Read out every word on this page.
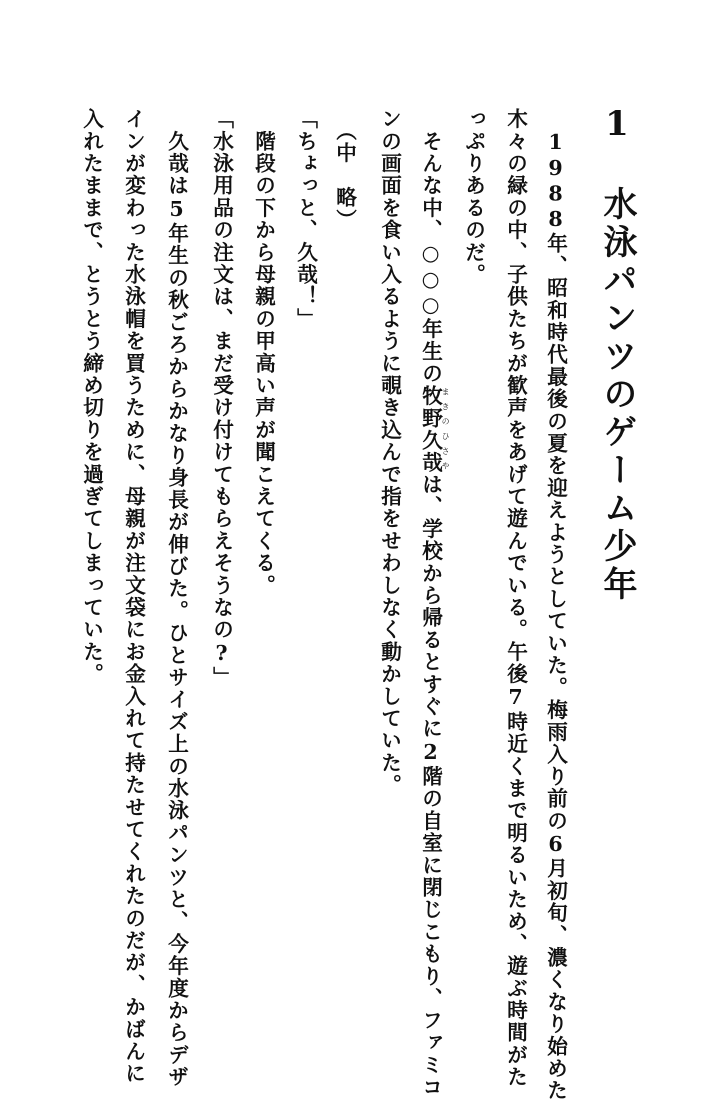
1　水泳パンツのゲーム少年
　1988年、昭和時代最後の夏を迎えようとしていた。梅雨入り前の6月初旬、濃くなり始めた
木々の緑の中、子供たちが歓声をあげて遊んでいる。午後7時近くまで明るいため、遊ぶ時間がた
っぷりあるのだ。
　そんな中、○○○年生の牧野久哉まきのひさやは、学校から帰るとすぐに2階の自室に閉じこもり、ファミコ
ンの画面を食い入るように覗き込んで指をせわしなく動かしていた。
　（中　略）
「ちょっと、久哉！」
　階段の下から母親の甲高い声が聞こえてくる。
「水泳用品の注文は、まだ受け付けてもらえそうなの?」
　久哉は5年生の秋ごろからかなり身長が伸びた。ひとサイズ上の水泳パンツと、今年度からデザ
インが変わった水泳帽を買うために、母親が注文袋にお金入れて持たせてくれたのだが、かばんに
入れたままで、とうとう締め切りを過ぎてしまっていた。
